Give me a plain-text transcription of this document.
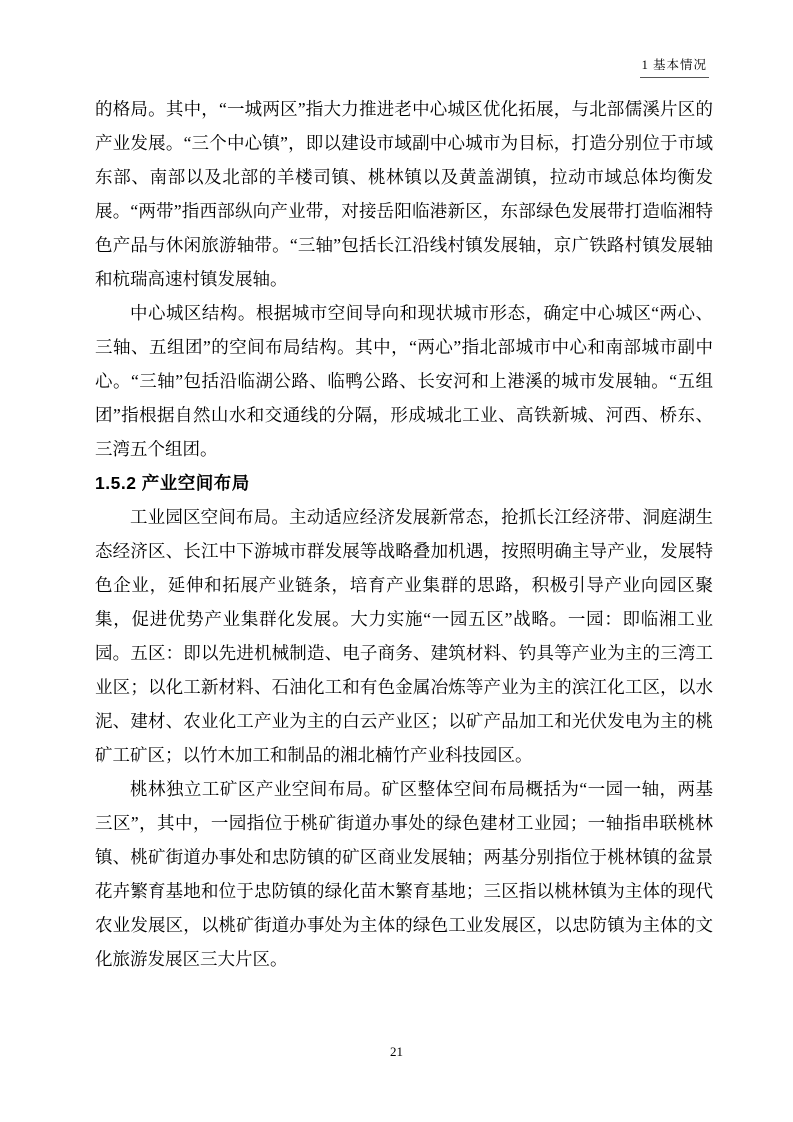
1 基本情况

的格局。其中，“一城两区”指大力推进老中心城区优化拓展，与北部儒溪片区的产业发展。“三个中心镇”，即以建设市域副中心城市为目标，打造分别位于市域东部、南部以及北部的羊楼司镇、桃林镇以及黄盖湖镇，拉动市域总体均衡发展。“两带”指西部纵向产业带，对接岳阳临港新区，东部绿色发展带打造临湘特色产品与休闲旅游轴带。“三轴”包括长江沿线村镇发展轴，京广铁路村镇发展轴和杭瑞高速村镇发展轴。

中心城区结构。根据城市空间导向和现状城市形态，确定中心城区“两心、三轴、五组团”的空间布局结构。其中，“两心”指北部城市中心和南部城市副中心。“三轴”包括沿临湖公路、临鸭公路、长安河和上港溪的城市发展轴。“五组团”指根据自然山水和交通线的分隔，形成城北工业、高铁新城、河西、桥东、三湾五个组团。

1.5.2 产业空间布局

工业园区空间布局。主动适应经济发展新常态，抢抓长江经济带、洞庭湖生态经济区、长江中下游城市群发展等战略叠加机遇，按照明确主导产业，发展特色企业，延伸和拓展产业链条，培育产业集群的思路，积极引导产业向园区聚集，促进优势产业集群化发展。大力实施“一园五区”战略。一园：即临湘工业园。五区：即以先进机械制造、电子商务、建筑材料、钓具等产业为主的三湾工业区；以化工新材料、石油化工和有色金属冶炼等产业为主的滨江化工区，以水泥、建材、农业化工产业为主的白云产业区；以矿产品加工和光伏发电为主的桃矿工矿区；以竹木加工和制品的湘北楠竹产业科技园区。

桃林独立工矿区产业空间布局。矿区整体空间布局概括为“一园一轴，两基三区”，其中，一园指位于桃矿街道办事处的绿色建材工业园；一轴指串联桃林镇、桃矿街道办事处和忠防镇的矿区商业发展轴；两基分别指位于桃林镇的盆景花卉繁育基地和位于忠防镇的绿化苗木繁育基地；三区指以桃林镇为主体的现代农业发展区，以桃矿街道办事处为主体的绿色工业发展区，以忠防镇为主体的文化旅游发展区三大片区。

21
